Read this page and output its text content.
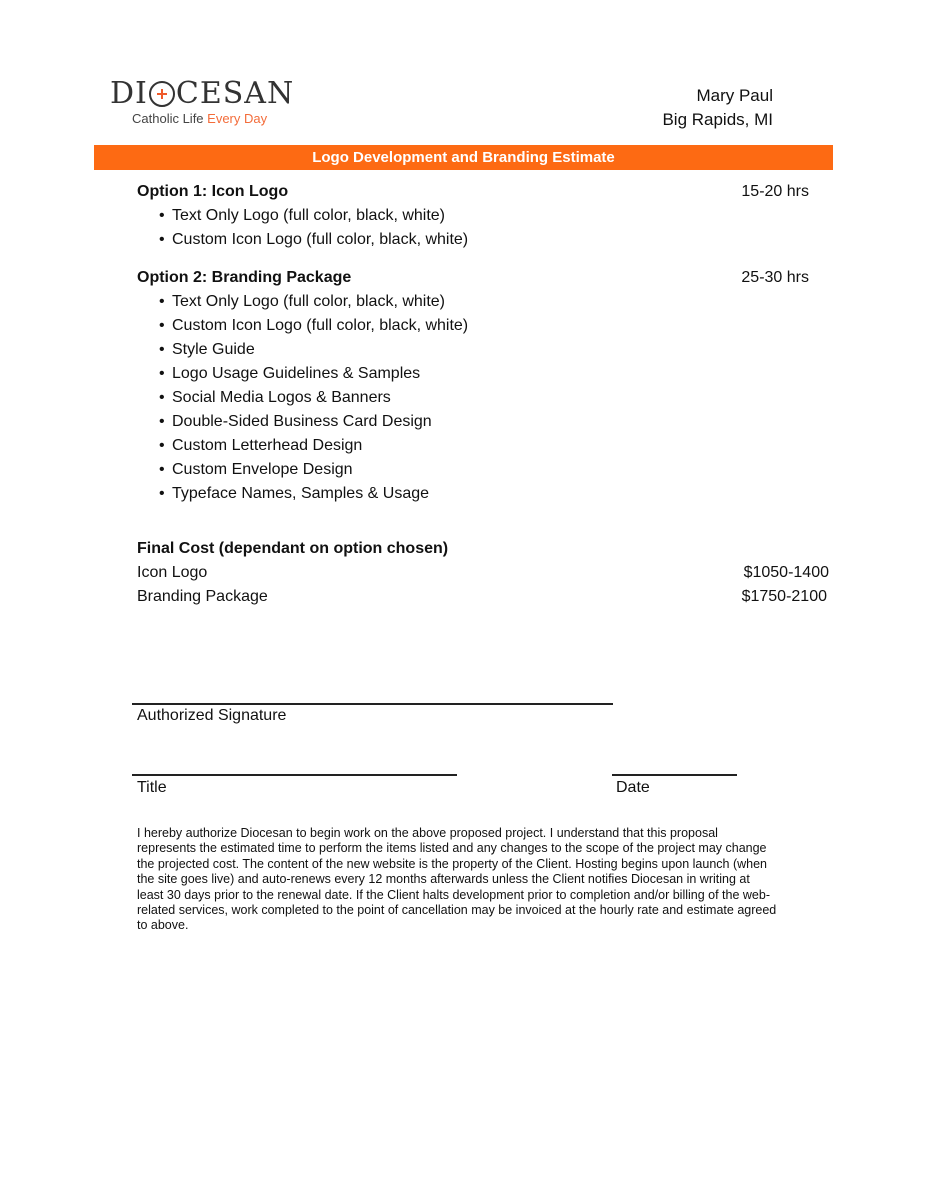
DI CESAN
Catholic Life Every Day
Mary Paul
Big Rapids, MI
Logo Development and Branding Estimate
Option 1: Icon Logo	15-20 hrs
• Text Only Logo (full color, black, white)
• Custom Icon Logo (full color, black, white)
Option 2: Branding Package	25-30 hrs
• Text Only Logo (full color, black, white)
• Custom Icon Logo (full color, black, white)
• Style Guide
• Logo Usage Guidelines & Samples
• Social Media Logos & Banners
• Double-Sided Business Card Design
• Custom Letterhead Design
• Custom Envelope Design
• Typeface Names, Samples & Usage
Final Cost (dependant on option chosen)
Icon Logo	$1050-1400
Branding Package	$1750-2100
Authorized Signature
Title	Date
I hereby authorize Diocesan to begin work on the above proposed project. I understand that this proposal represents the estimated time to perform the items listed and any changes to the scope of the project may change the projected cost. The content of the new website is the property of the Client. Hosting begins upon launch (when the site goes live) and auto-renews every 12 months afterwards unless the Client notifies Diocesan in writing at least 30 days prior to the renewal date. If the Client halts development prior to completion and/or billing of the web-related services, work completed to the point of cancellation may be invoiced at the hourly rate and estimate agreed to above.
